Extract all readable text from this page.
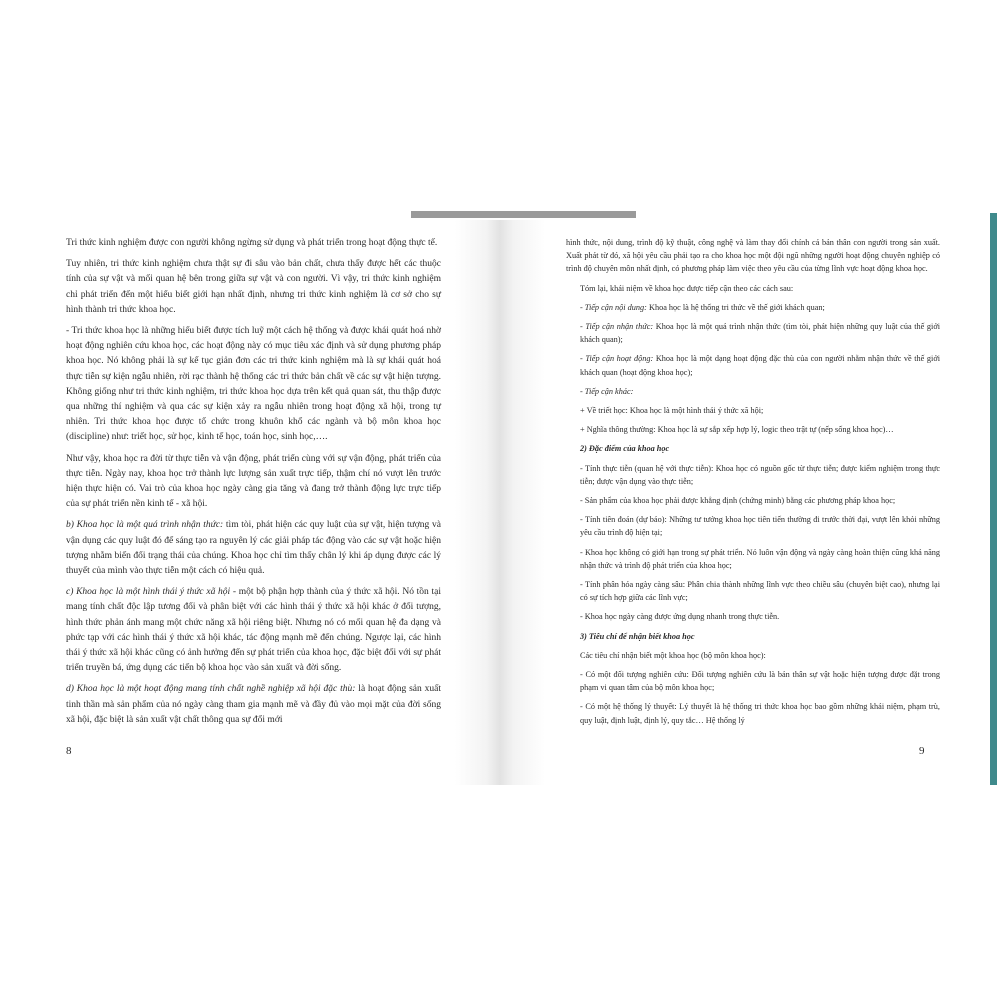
Tri thức kinh nghiệm được con người không ngừng sử dụng và phát triển trong hoạt động thực tế.

Tuy nhiên, tri thức kinh nghiệm chưa thật sự đi sâu vào bản chất, chưa thấy được hết các thuộc tính của sự vật và mối quan hệ bên trong giữa sự vật và con người. Vì vậy, tri thức kinh nghiệm chỉ phát triển đến một hiểu biết giới hạn nhất định, nhưng tri thức kinh nghiệm là cơ sở cho sự hình thành tri thức khoa học.

- Tri thức khoa học là những hiểu biết được tích luỹ một cách hệ thống và được khái quát hoá nhờ hoạt động nghiên cứu khoa học, các hoạt động này có mục tiêu xác định và sử dụng phương pháp khoa học. Nó không phải là sự kế tục giản đơn các tri thức kinh nghiệm mà là sự khái quát hoá thực tiễn sự kiện ngẫu nhiên, rời rạc thành hệ thống các tri thức bản chất về các sự vật hiện tượng. Không giống như tri thức kinh nghiệm, tri thức khoa học dựa trên kết quả quan sát, thu thập được qua những thí nghiệm và qua các sự kiện xảy ra ngẫu nhiên trong hoạt động xã hội, trong tự nhiên. Tri thức khoa học được tổ chức trong khuôn khổ các ngành và bộ môn khoa học (discipline) như: triết học, sử học, kinh tế học, toán học, sinh học,….

Như vậy, khoa học ra đời từ thực tiễn và vận động, phát triển cùng với sự vận động, phát triển của thực tiễn. Ngày nay, khoa học trở thành lực lượng sản xuất trực tiếp, thậm chí nó vượt lên trước hiện thực hiện có. Vai trò của khoa học ngày càng gia tăng và đang trở thành động lực trực tiếp của sự phát triển nền kinh tế - xã hội.

b) Khoa học là một quá trình nhận thức: tìm tòi, phát hiện các quy luật của sự vật, hiện tượng và vận dụng các quy luật đó để sáng tạo ra nguyên lý các giải pháp tác động vào các sự vật hoặc hiện tượng nhằm biến đổi trạng thái của chúng. Khoa học chỉ tìm thấy chân lý khi áp dụng được các lý thuyết của mình vào thực tiễn một cách có hiệu quả.

c) Khoa học là một hình thái ý thức xã hội - một bộ phận hợp thành của ý thức xã hội. Nó tồn tại mang tính chất độc lập tương đối và phân biệt với các hình thái ý thức xã hội khác ở đối tượng, hình thức phản ánh mang một chức năng xã hội riêng biệt. Nhưng nó có mối quan hệ đa dạng và phức tạp với các hình thái ý thức xã hội khác, tác động mạnh mẽ đến chúng. Ngược lại, các hình thái ý thức xã hội khác cũng có ảnh hưởng đến sự phát triển của khoa học, đặc biệt đối với sự phát triển truyền bá, ứng dụng các tiến bộ khoa học vào sản xuất và đời sống.

d) Khoa học là một hoạt động mang tính chất nghề nghiệp xã hội đặc thù: là hoạt động sản xuất tinh thần mà sản phẩm của nó ngày càng tham gia mạnh mẽ và đầy đủ vào mọi mặt của đời sống xã hội, đặc biệt là sản xuất vật chất thông qua sự đổi mới

hình thức, nội dung, trình độ kỹ thuật, công nghệ và làm thay đổi chính cả bản thân con người trong sản xuất. Xuất phát từ đó, xã hội yêu cầu phải tạo ra cho khoa học một đội ngũ những người hoạt động chuyên nghiệp có trình độ chuyên môn nhất định, có phương pháp làm việc theo yêu cầu của từng lĩnh vực hoạt động khoa học.

Tóm lại, khái niệm về khoa học được tiếp cận theo các cách sau:

- Tiếp cận nội dung: Khoa học là hệ thống tri thức về thế giới khách quan;

- Tiếp cận nhận thức: Khoa học là một quá trình nhận thức (tìm tòi, phát hiện những quy luật của thế giới khách quan);

- Tiếp cận hoạt động: Khoa học là một dạng hoạt động đặc thù của con người nhằm nhận thức về thế giới khách quan (hoạt động khoa học);

- Tiếp cận khác:

+ Về triết học: Khoa học là một hình thái ý thức xã hội;

+ Nghĩa thông thường: Khoa học là sự sắp xếp hợp lý, logic theo trật tự (nếp sống khoa học)…

2) Đặc điểm của khoa học

- Tính thực tiễn (quan hệ với thực tiễn): Khoa học có nguồn gốc từ thực tiễn; được kiểm nghiệm trong thực tiễn; được vận dụng vào thực tiễn;

- Sản phẩm của khoa học phải được khẳng định (chứng minh) bằng các phương pháp khoa học;

- Tính tiên đoán (dự báo): Những tư tưởng khoa học tiên tiến thường đi trước thời đại, vượt lên khỏi những yêu cầu trình độ hiện tại;

- Khoa học không có giới hạn trong sự phát triển. Nó luôn vận động và ngày càng hoàn thiện cũng khả năng nhận thức và trình độ phát triển của khoa học;

- Tính phân hóa ngày càng sâu: Phân chia thành những lĩnh vực theo chiều sâu (chuyên biệt cao), nhưng lại có sự tích hợp giữa các lĩnh vực;

- Khoa học ngày càng được ứng dụng nhanh trong thực tiễn.

3) Tiêu chí để nhận biết khoa học

Các tiêu chí nhận biết một khoa học (bộ môn khoa học):

- Có một đối tượng nghiên cứu: Đối tượng nghiên cứu là bản thân sự vật hoặc hiện tượng được đặt trong phạm vi quan tâm của bộ môn khoa học;

- Có một hệ thống lý thuyết: Lý thuyết là hệ thống tri thức khoa học bao gồm những khái niệm, phạm trù, quy luật, định luật, định lý, quy tắc… Hệ thống lý

8	9
